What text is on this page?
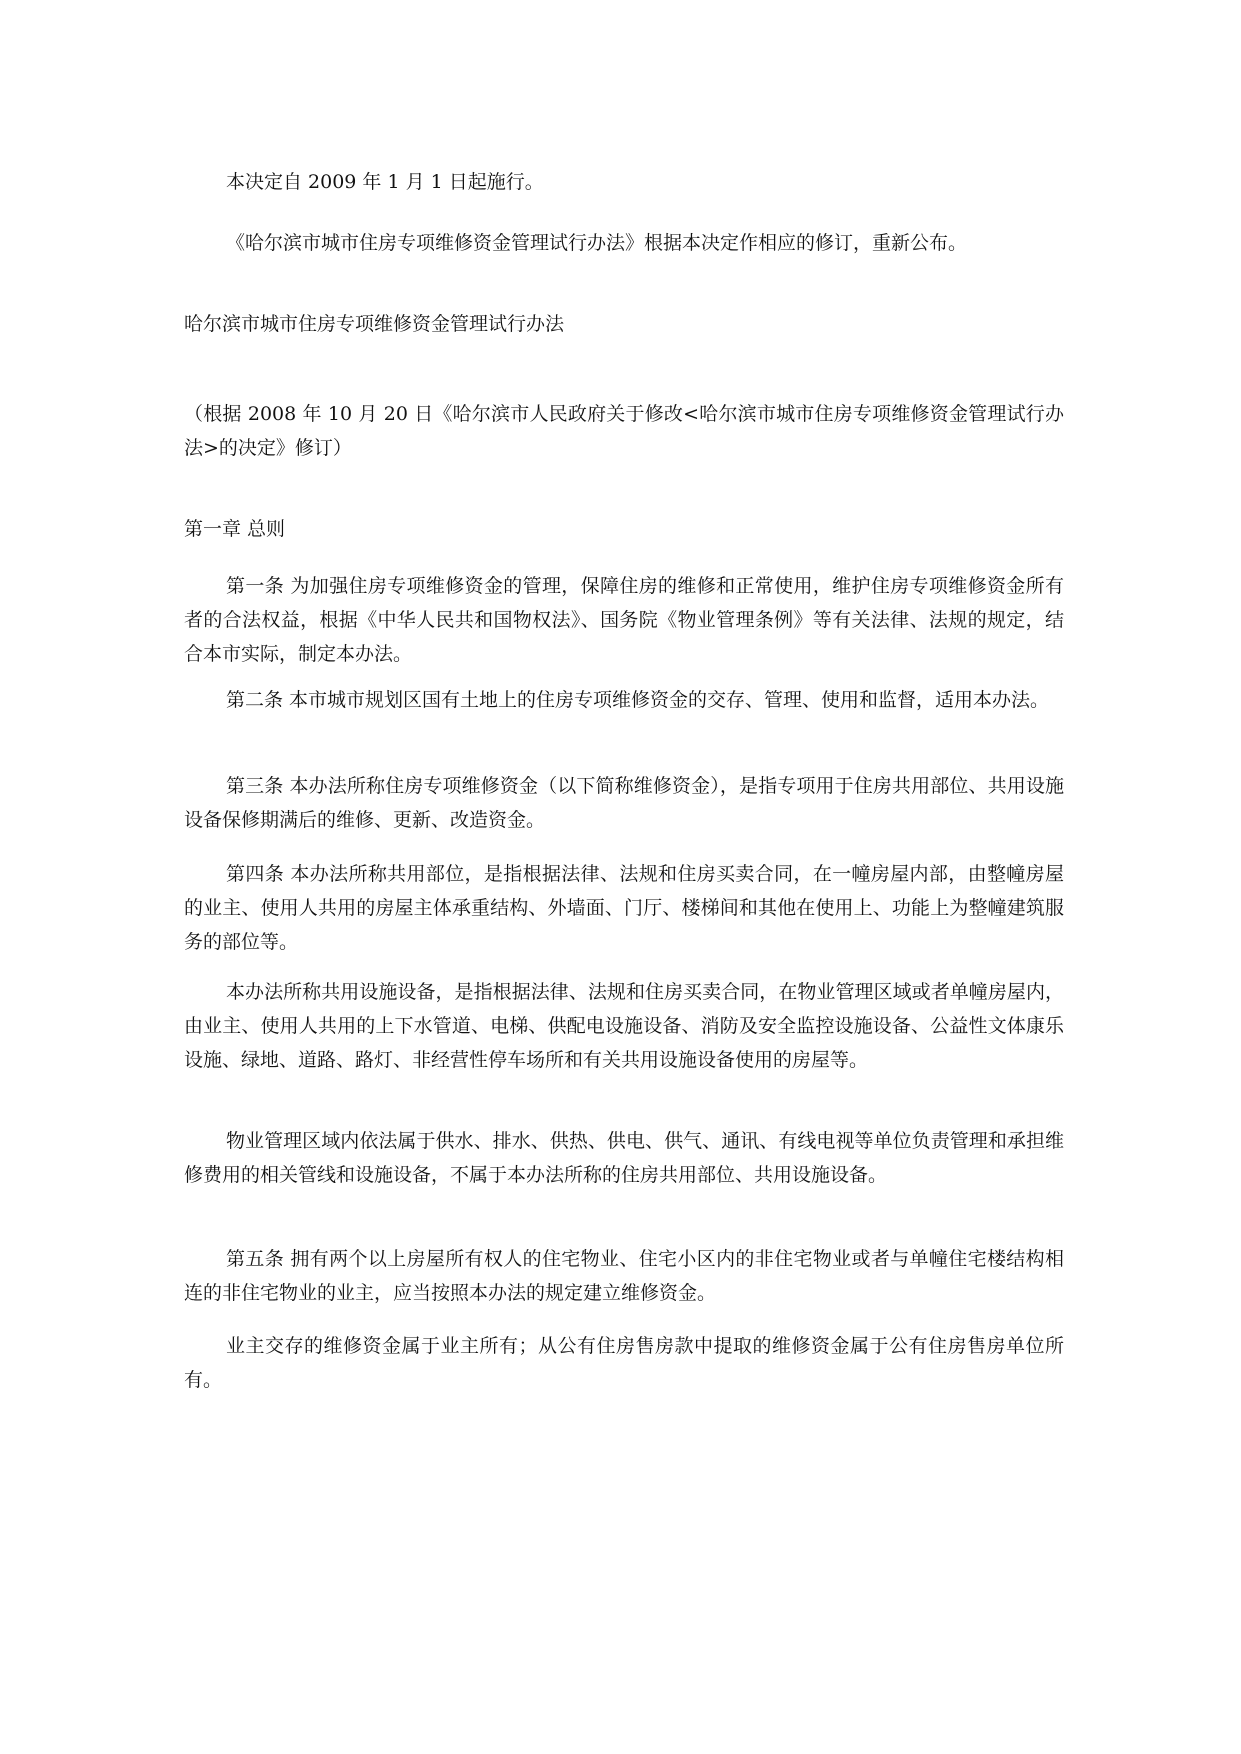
本决定自 2009 年 1 月 1 日起施行。

《哈尔滨市城市住房专项维修资金管理试行办法》根据本决定作相应的修订，重新公布。

哈尔滨市城市住房专项维修资金管理试行办法

（根据 2008 年 10 月 20 日《哈尔滨市人民政府关于修改<哈尔滨市城市住房专项维修资金管理试行办法>的决定》修订）

第一章 总则

第一条 为加强住房专项维修资金的管理，保障住房的维修和正常使用，维护住房专项维修资金所有者的合法权益，根据《中华人民共和国物权法》、国务院《物业管理条例》等有关法律、法规的规定，结合本市实际，制定本办法。

第二条 本市城市规划区国有土地上的住房专项维修资金的交存、管理、使用和监督，适用本办法。

第三条 本办法所称住房专项维修资金（以下简称维修资金），是指专项用于住房共用部位、共用设施设备保修期满后的维修、更新、改造资金。

第四条 本办法所称共用部位，是指根据法律、法规和住房买卖合同，在一幢房屋内部，由整幢房屋的业主、使用人共用的房屋主体承重结构、外墙面、门厅、楼梯间和其他在使用上、功能上为整幢建筑服务的部位等。

本办法所称共用设施设备，是指根据法律、法规和住房买卖合同，在物业管理区域或者单幢房屋内，由业主、使用人共用的上下水管道、电梯、供配电设施设备、消防及安全监控设施设备、公益性文体康乐设施、绿地、道路、路灯、非经营性停车场所和有关共用设施设备使用的房屋等。

物业管理区域内依法属于供水、排水、供热、供电、供气、通讯、有线电视等单位负责管理和承担维修费用的相关管线和设施设备，不属于本办法所称的住房共用部位、共用设施设备。

第五条 拥有两个以上房屋所有权人的住宅物业、住宅小区内的非住宅物业或者与单幢住宅楼结构相连的非住宅物业的业主，应当按照本办法的规定建立维修资金。

业主交存的维修资金属于业主所有；从公有住房售房款中提取的维修资金属于公有住房售房单位所有。
